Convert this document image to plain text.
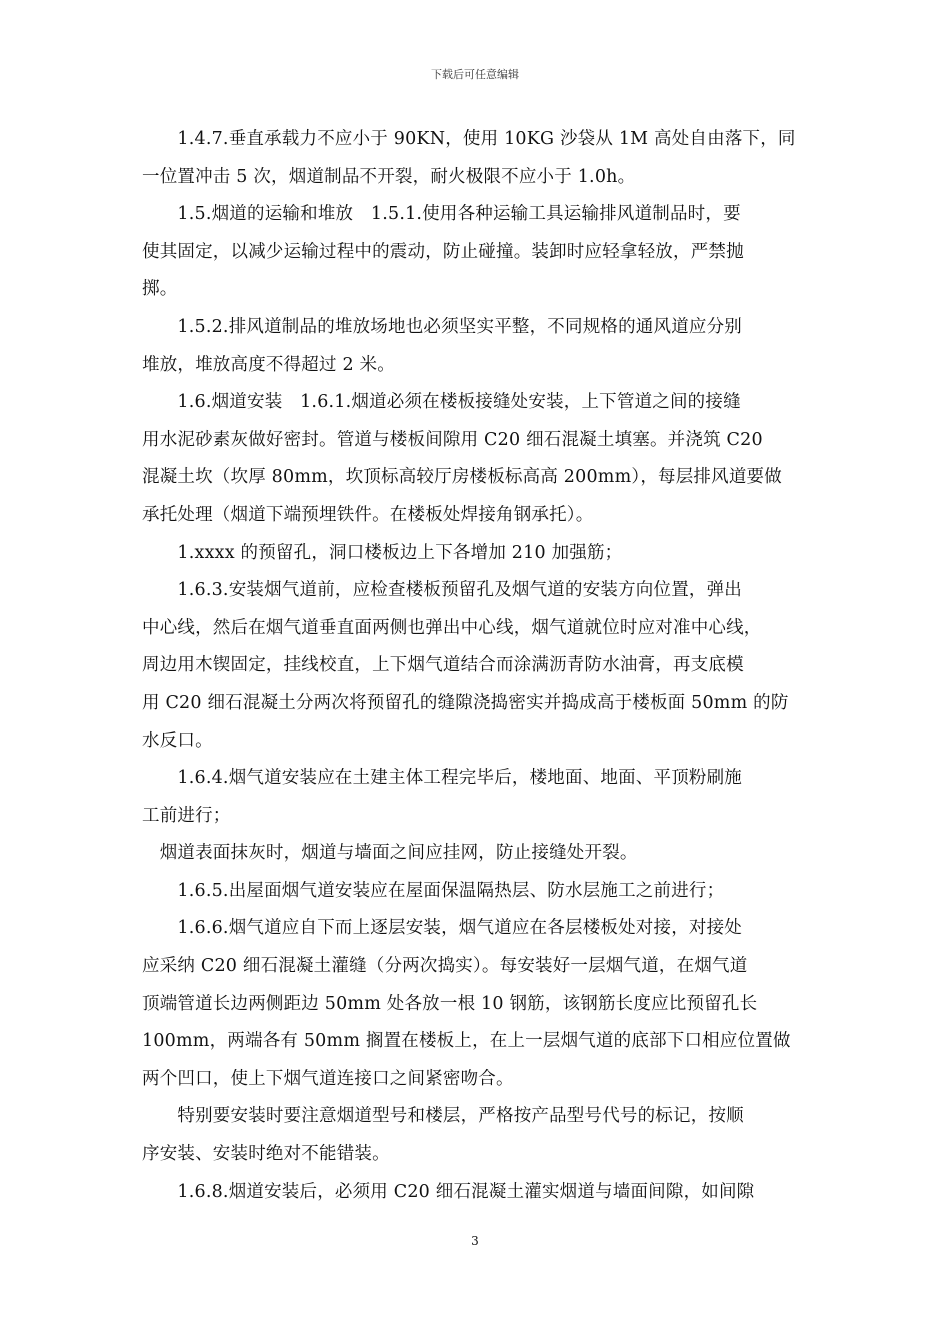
下载后可任意编辑
　　1.4.7.垂直承载力不应小于 90KN，使用 10KG 沙袋从 1M 高处自由落下，同
一位置冲击 5 次，烟道制品不开裂，耐火极限不应小于 1.0h。
　　1.5.烟道的运输和堆放　1.5.1.使用各种运输工具运输排风道制品时，要
使其固定，以减少运输过程中的震动，防止碰撞。装卸时应轻拿轻放，严禁抛
掷。
　　1.5.2.排风道制品的堆放场地也必须坚实平整，不同规格的通风道应分别
堆放，堆放高度不得超过 2 米。
　　1.6.烟道安装　1.6.1.烟道必须在楼板接缝处安装，上下管道之间的接缝
用水泥砂素灰做好密封。管道与楼板间隙用 C20 细石混凝土填塞。并浇筑 C20
混凝土坎（坎厚 80mm，坎顶标高较厅房楼板标高高 200mm），每层排风道要做
承托处理（烟道下端预埋铁件。在楼板处焊接角钢承托）。
　　1.xxxx 的预留孔，洞口楼板边上下各增加 210 加强筋；
　　1.6.3.安装烟气道前，应检查楼板预留孔及烟气道的安装方向位置，弹出
中心线，然后在烟气道垂直面两侧也弹出中心线，烟气道就位时应对准中心线，
周边用木锲固定，挂线校直，上下烟气道结合而涂满沥青防水油膏，再支底模
用 C20 细石混凝土分两次将预留孔的缝隙浇捣密实并捣成高于楼板面 50mm 的防
水反口。
　　1.6.4.烟气道安装应在土建主体工程完毕后，楼地面、地面、平顶粉刷施
工前进行；
　烟道表面抹灰时，烟道与墙面之间应挂网，防止接缝处开裂。
　　1.6.5.出屋面烟气道安装应在屋面保温隔热层、防水层施工之前进行；
　　1.6.6.烟气道应自下而上逐层安装，烟气道应在各层楼板处对接，对接处
应采纳 C20 细石混凝土灌缝（分两次捣实）。每安装好一层烟气道，在烟气道
顶端管道长边两侧距边 50mm 处各放一根 10 钢筋，该钢筋长度应比预留孔长
100mm，两端各有 50mm 搁置在楼板上，在上一层烟气道的底部下口相应位置做
两个凹口，使上下烟气道连接口之间紧密吻合。
　　特别要安装时要注意烟道型号和楼层，严格按产品型号代号的标记，按顺
序安装、安装时绝对不能错装。
　　1.6.8.烟道安装后，必须用 C20 细石混凝土灌实烟道与墙面间隙，如间隙
3
